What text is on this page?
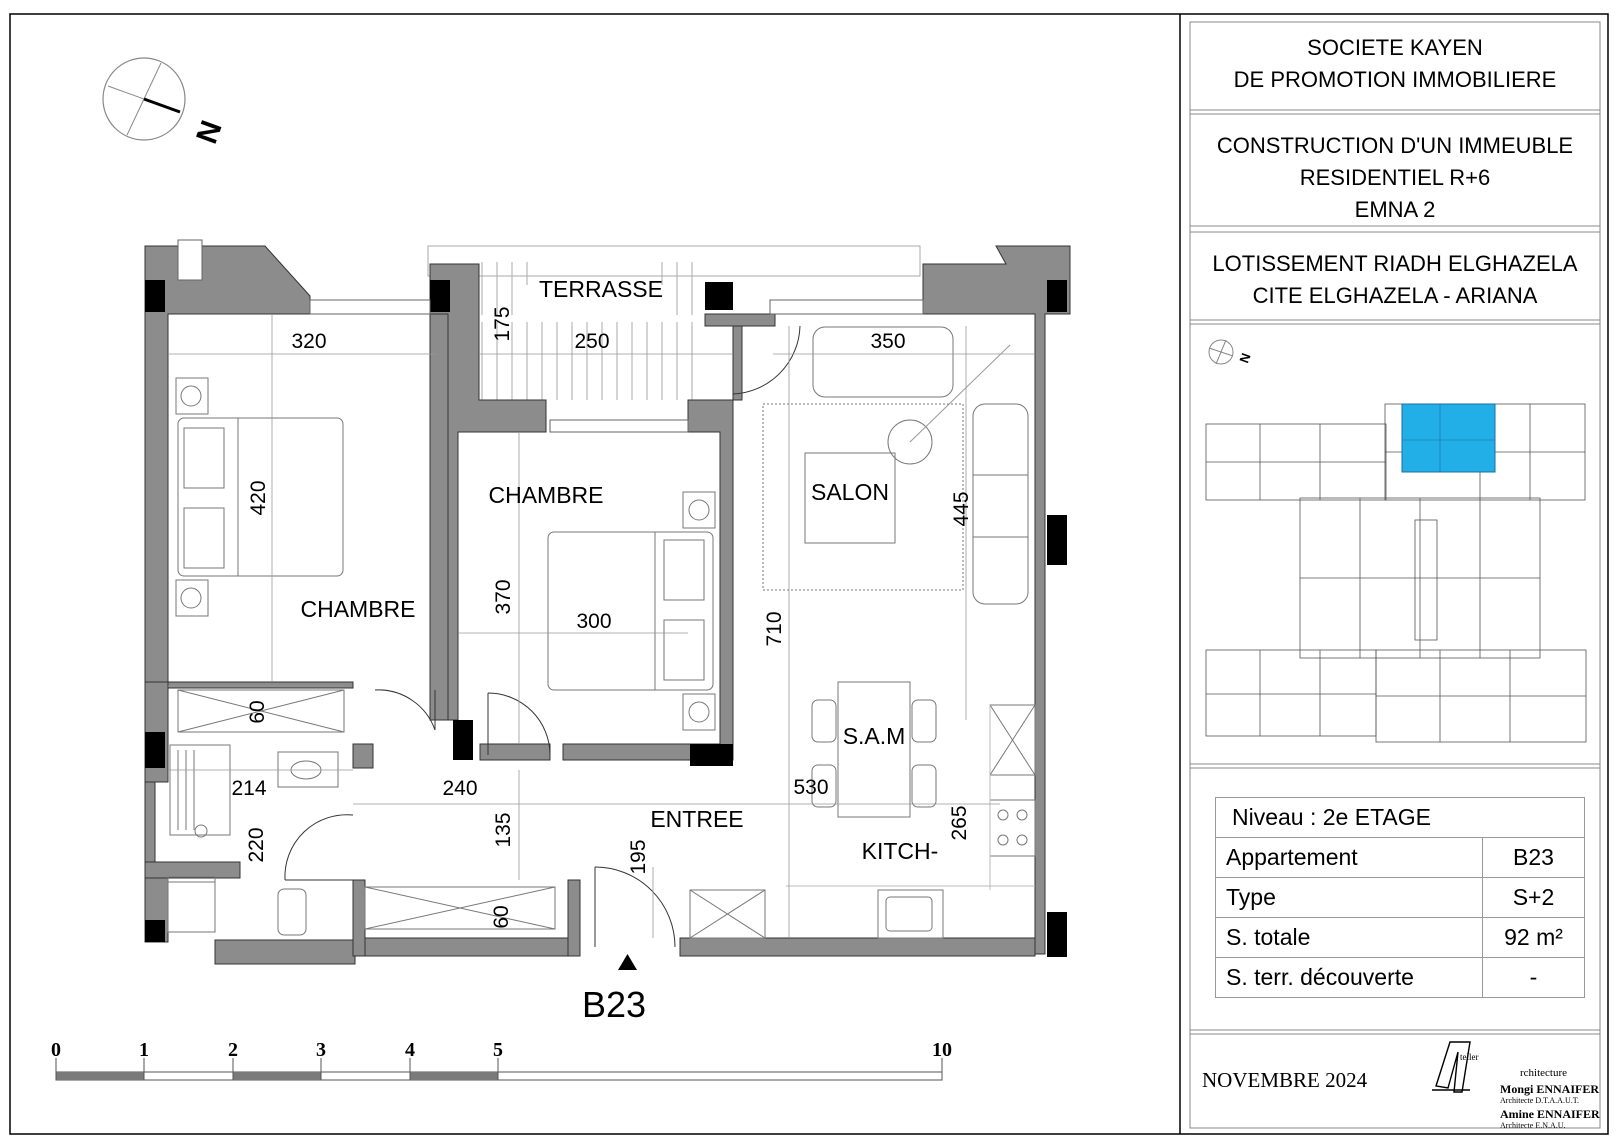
N
TERRASSE
CHAMBRE
CHAMBRE	SALON
S.A.M
ENTREE
KITCH-
320	250	350
175
420
370
300
445
710
60
214	240	530
220	135
195
265
60
B23
0	1	2	3	4	5	10
N
SOCIETE KAYEN
DE PROMOTION IMMOBILIERE
CONSTRUCTION D'UN IMMEUBLE
RESIDENTIEL R+6
EMNA 2
LOTISSEMENT RIADH ELGHAZELA
CITE ELGHAZELA - ARIANA
Niveau : 2e ETAGE	
Appartement	B23
Type	S+2
S. totale	92 m²
S. terr. découverte	-
NOVEMBRE 2024	rchitecture
Mongi ENNAIFER
Architecte D.T.A.A.U.T.
Amine ENNAIFER
Architecte E.N.A.U.
teller
